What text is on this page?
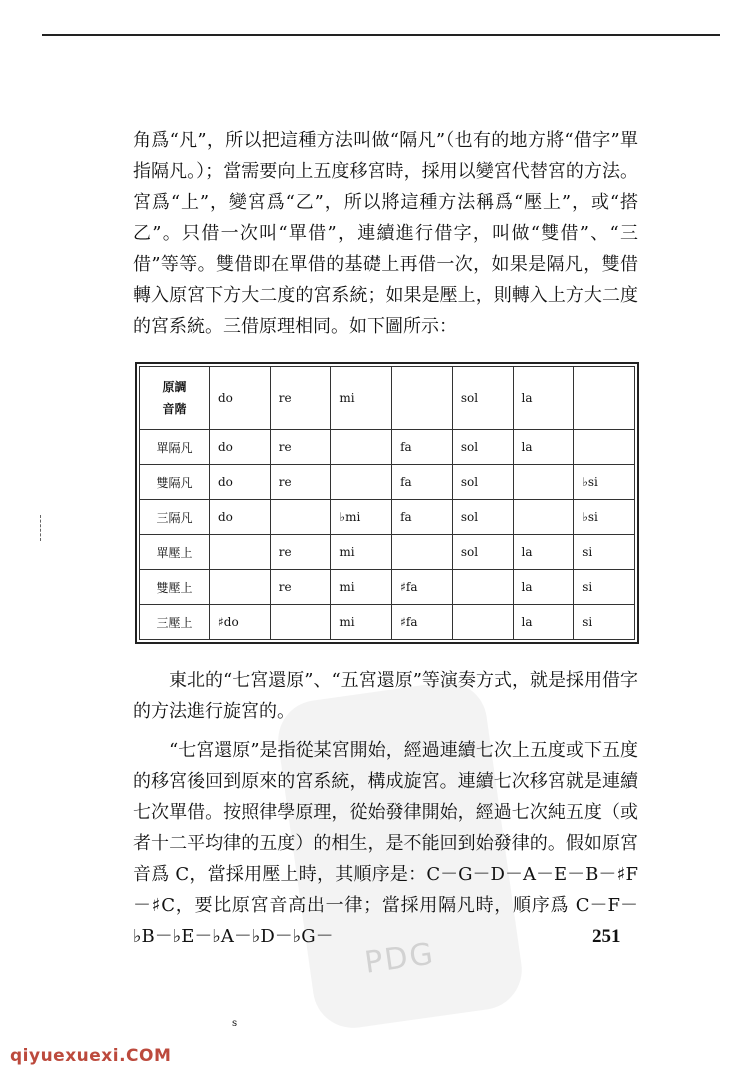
PDG

角爲“凡”，所以把這種方法叫做“隔凡”（也有的地方將“借字”單指隔凡。）；當需要向上五度移宮時，採用以變宮代替宮的方法。宮爲“上”，變宮爲“乙”，所以將這種方法稱爲“壓上”，或“搭乙”。只借一次叫“單借”，連續進行借字，叫做“雙借”、“三借”等等。雙借即在單借的基礎上再借一次，如果是隔凡，雙借轉入原宮下方大二度的宮系統；如果是壓上，則轉入上方大二度的宮系統。三借原理相同。如下圖所示：

原調
音階	do	re	mi		sol	la	
單隔凡	do	re		fa	sol	la	
雙隔凡	do	re		fa	sol		♭si
三隔凡	do		♭mi	fa	sol		♭si
單壓上		re	mi		sol	la	si
雙壓上		re	mi	♯fa		la	si
三壓上	♯do		mi	♯fa		la	si

東北的“七宮還原”、“五宮還原”等演奏方式，就是採用借字的方法進行旋宮的。

“七宮還原”是指從某宮開始，經過連續七次上五度或下五度的移宮後回到原來的宮系統，構成旋宮。連續七次移宮就是連續七次單借。按照律學原理，從始發律開始，經過七次純五度（或者十二平均律的五度）的相生，是不能回到始發律的。假如原宮音爲 C，當採用壓上時，其順序是：C－G－D－A－E－B－♯F－♯C，要比原宮音高出一律；當採用隔凡時，順序爲 C－F－♭B－♭E－♭A－♭D－♭G－	251
s
qiyuexuexi.COM
